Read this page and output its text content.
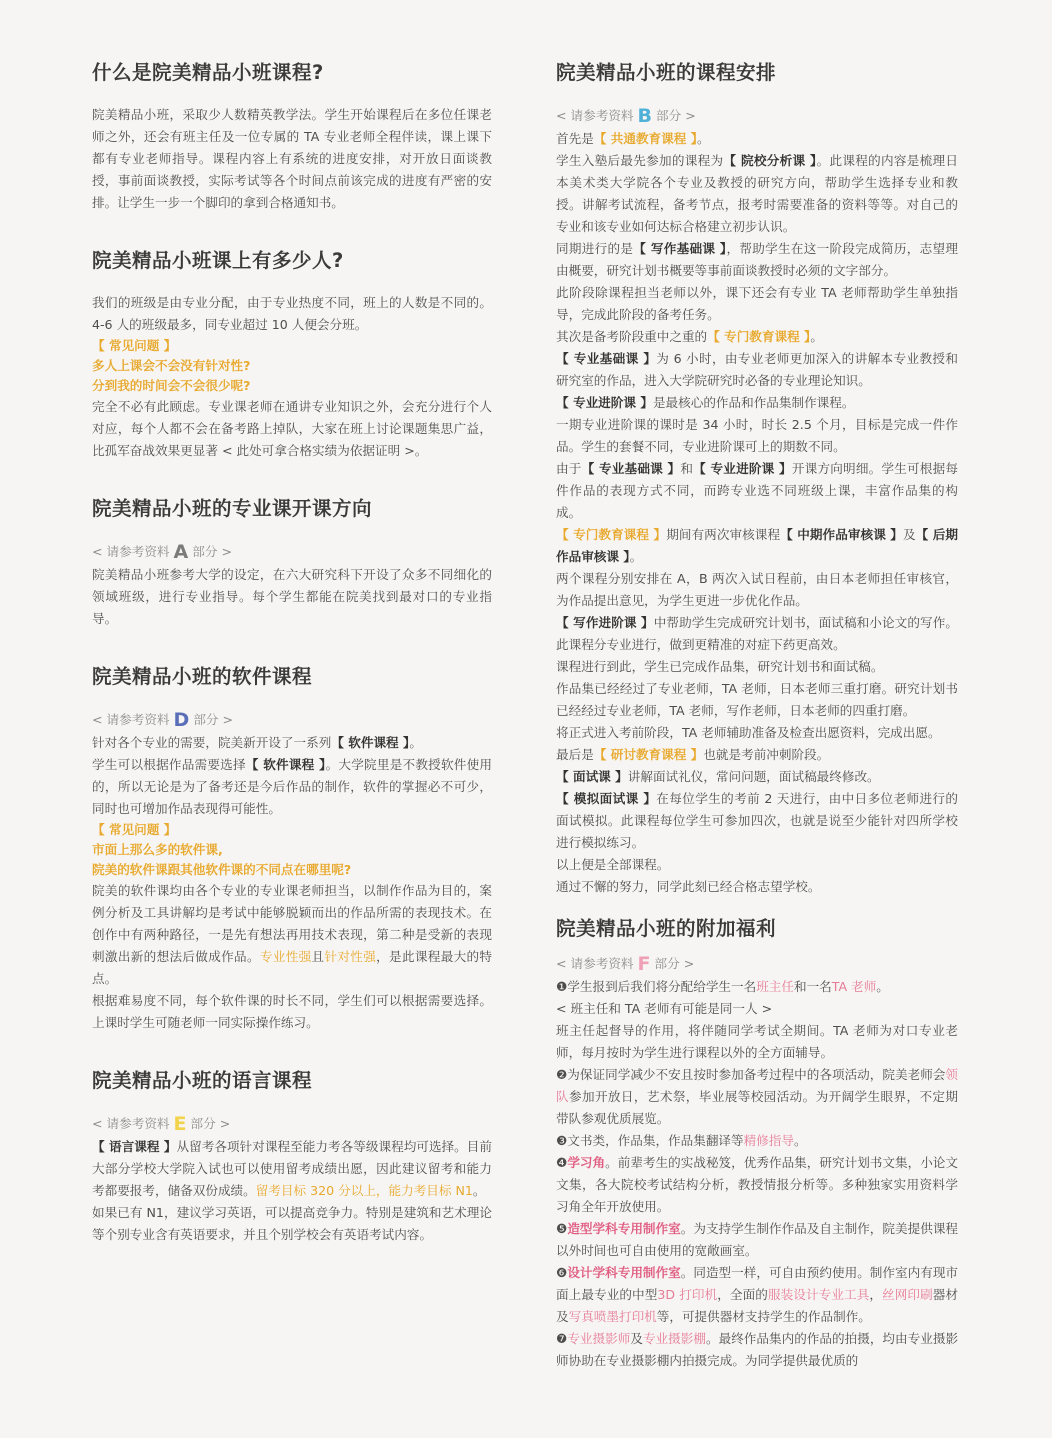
什么是院美精品小班课程?

院美精品小班，采取少人数精英教学法。学生开始课程后在多位任课老师之外，还会有班主任及一位专属的 TA 专业老师全程伴读，课上课下都有专业老师指导。课程内容上有系统的进度安排，对开放日面谈教授，事前面谈教授，实际考试等各个时间点前该完成的进度有严密的安排。让学生一步一个脚印的拿到合格通知书。

院美精品小班课上有多少人?

我们的班级是由专业分配，由于专业热度不同，班上的人数是不同的。4-6 人的班级最多，同专业超过 10 人便会分班。

【 常见问题 】

多人上课会不会没有针对性?

分到我的时间会不会很少呢?

完全不必有此顾虑。专业课老师在通讲专业知识之外，会充分进行个人对应，每个人都不会在备考路上掉队，大家在班上讨论课题集思广益，比孤军奋战效果更显著 < 此处可拿合格实绩为依据证明 >。

院美精品小班的专业课开课方向

< 请参考资料 A 部分 >

院美精品小班参考大学的设定，在六大研究科下开设了众多不同细化的领域班级，进行专业指导。每个学生都能在院美找到最对口的专业指导。

院美精品小班的软件课程

< 请参考资料 D 部分 >

针对各个专业的需要，院美新开设了一系列【 软件课程 】。

学生可以根据作品需要选择【 软件课程 】。大学院里是不教授软件使用的，所以无论是为了备考还是今后作品的制作，软件的掌握必不可少，同时也可增加作品表现得可能性。

【 常见问题 】

市面上那么多的软件课,

院美的软件课跟其他软件课的不同点在哪里呢?

院美的软件课均由各个专业的专业课老师担当，以制作作品为目的，案例分析及工具讲解均是考试中能够脱颖而出的作品所需的表现技术。在创作中有两种路径，一是先有想法再用技术表现，第二种是受新的表现刺激出新的想法后做成作品。专业性强且针对性强，是此课程最大的特点。

根据难易度不同，每个软件课的时长不同，学生们可以根据需要选择。上课时学生可随老师一同实际操作练习。

院美精品小班的语言课程

< 请参考资料 E 部分 >

【 语言课程 】从留考各项针对课程至能力考各等级课程均可选择。目前大部分学校大学院入试也可以使用留考成绩出愿，因此建议留考和能力考都要报考，储备双份成绩。留考目标 320 分以上，能力考目标 N1。

如果已有 N1，建议学习英语，可以提高竞争力。特别是建筑和艺术理论等个别专业含有英语要求，并且个别学校会有英语考试内容。

院美精品小班的课程安排

< 请参考资料 B 部分 >

首先是【 共通教育课程 】。

学生入塾后最先参加的课程为【 院校分析课 】。此课程的内容是梳理日本美术类大学院各个专业及教授的研究方向，帮助学生选择专业和教授。讲解考试流程，备考节点，报考时需要准备的资料等等。对自己的专业和该专业如何达标合格建立初步认识。

同期进行的是【 写作基础课 】，帮助学生在这一阶段完成简历，志望理由概要，研究计划书概要等事前面谈教授时必须的文字部分。

此阶段除课程担当老师以外，课下还会有专业 TA 老师帮助学生单独指导，完成此阶段的备考任务。

其次是备考阶段重中之重的【 专门教育课程 】。

【 专业基础课 】为 6 小时，由专业老师更加深入的讲解本专业教授和研究室的作品，进入大学院研究时必备的专业理论知识。

【 专业进阶课 】是最核心的作品和作品集制作课程。

一期专业进阶课的课时是 34 小时，时长 2.5 个月，目标是完成一件作品。学生的套餐不同，专业进阶课可上的期数不同。

由于【 专业基础课 】和【 专业进阶课 】开课方向明细。学生可根据每件作品的表现方式不同，而跨专业选不同班级上课，丰富作品集的构成。

【 专门教育课程 】期间有两次审核课程【 中期作品审核课 】及【 后期作品审核课 】。

两个课程分别安排在 A，B 两次入试日程前，由日本老师担任审核官，为作品提出意见，为学生更进一步优化作品。

【 写作进阶课 】中帮助学生完成研究计划书，面试稿和小论文的写作。此课程分专业进行，做到更精准的对症下药更高效。

课程进行到此，学生已完成作品集，研究计划书和面试稿。

作品集已经经过了专业老师，TA 老师，日本老师三重打磨。研究计划书已经经过专业老师，TA 老师，写作老师，日本老师的四重打磨。

将正式进入考前阶段，TA 老师辅助准备及检查出愿资料，完成出愿。

最后是【 研讨教育课程 】也就是考前冲刺阶段。

【 面试课 】讲解面试礼仪，常问问题，面试稿最终修改。

【 模拟面试课 】在每位学生的考前 2 天进行，由中日多位老师进行的面试模拟。此课程每位学生可参加四次，也就是说至少能针对四所学校进行模拟练习。

以上便是全部课程。

通过不懈的努力，同学此刻已经合格志望学校。

院美精品小班的附加福利

< 请参考资料 F 部分 >

❶学生报到后我们将分配给学生一名班主任和一名TA 老师。

< 班主任和 TA 老师有可能是同一人 >

班主任起督导的作用，将伴随同学考试全期间。TA 老师为对口专业老师，每月按时为学生进行课程以外的全方面辅导。

❷为保证同学减少不安且按时参加备考过程中的各项活动，院美老师会领队参加开放日，艺术祭，毕业展等校园活动。为开阔学生眼界，不定期带队参观优质展览。

❸文书类，作品集，作品集翻译等精修指导。

❹学习角。前辈考生的实战秘笈，优秀作品集，研究计划书文集，小论文文集，各大院校考试结构分析，教授情报分析等。多种独家实用资料学习角全年开放使用。

❺造型学科专用制作室。为支持学生制作作品及自主制作，院美提供课程以外时间也可自由使用的宽敞画室。

❻设计学科专用制作室。同造型一样，可自由预约使用。制作室内有现市面上最专业的中型3D 打印机，全面的服装设计专业工具，丝网印刷器材及写真喷墨打印机等，可提供器材支持学生的作品制作。

❼专业摄影师及专业摄影棚。最终作品集内的作品的拍摄，均由专业摄影师协助在专业摄影棚内拍摄完成。为同学提供最优质的
